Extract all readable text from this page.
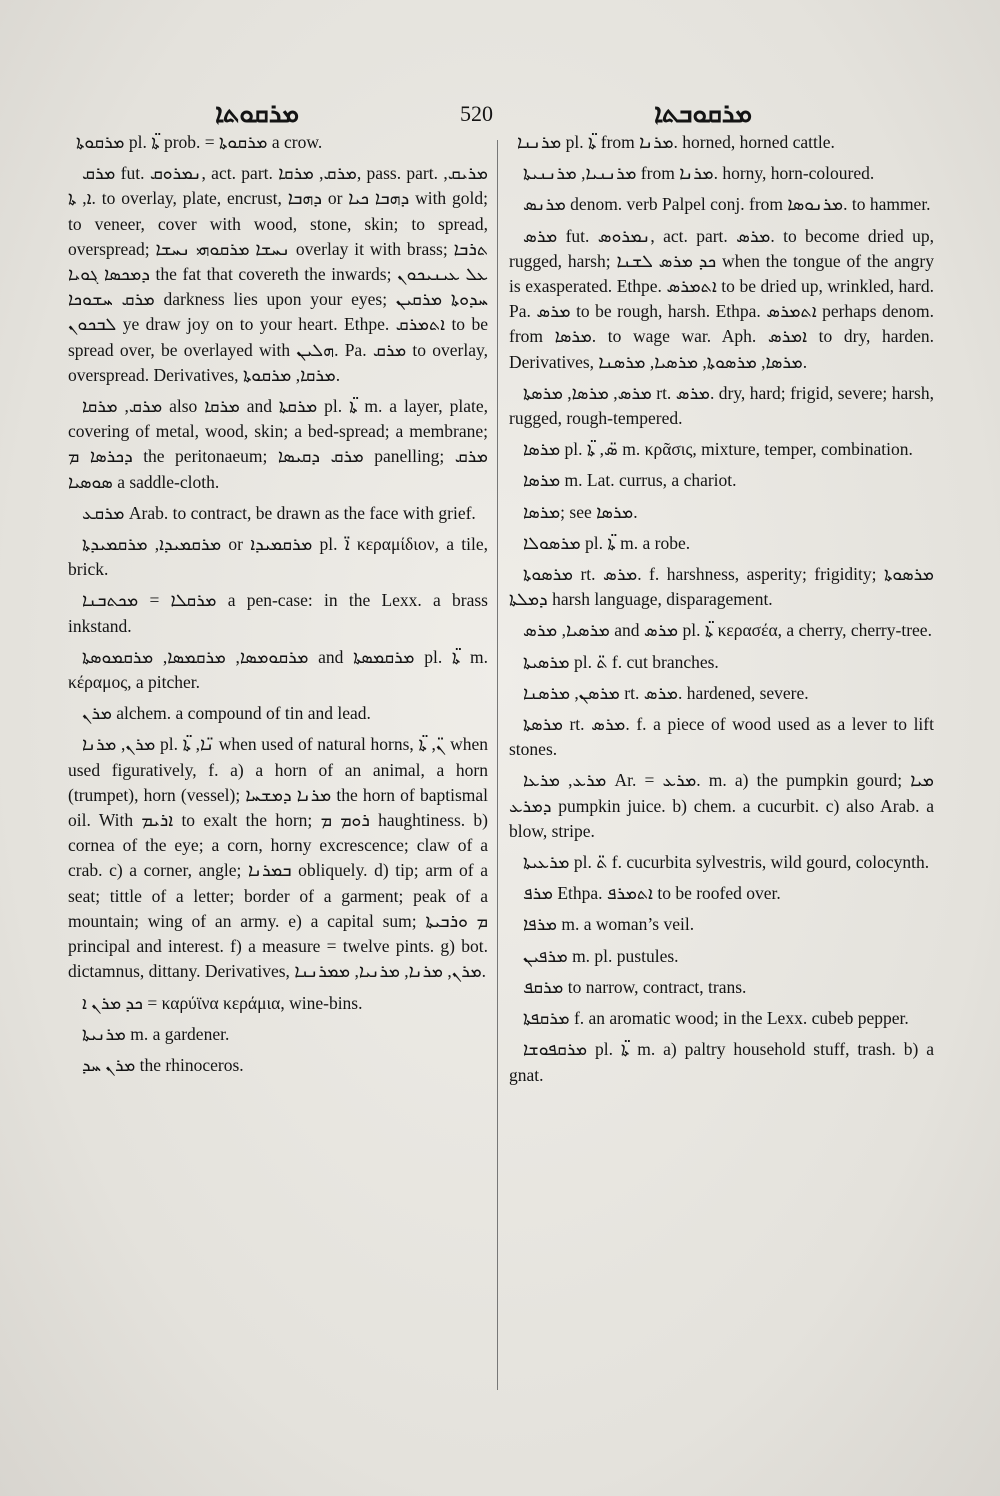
ܡܪܩܘܬܐ	520	ܡܪܩܘܒܬܐ

ܡܪܩܘܬܐ pl. ܬ̈ܐ prob. = ܡܪܩܘܬܐ a crow.

ܡܪܩ fut. ܢܡܪܘܩ, act. part. ܡܪܩ, ܡܪܩܐ, pass. part. ܡܪܝܩ, ܐ, ܬܐ. to overlay, plate, encrust, ܕܗܒܐ or ܕܗܒܐ ܟܝܐ with gold; to veneer, cover with wood, stone, skin; to spread, overspread; ܢܚܫܐ ܡܪܩܘܗܝ ܢܚܫܐ overlay it with brass; ܬܪܒܐ ܕܡܟܣܐ ܓܘܝܐ the fat that covereth the inwards; ܥܠ ܥܝܢܝܟܘܢ ܡܪܩ ܚܫܘܟܐ darkness lies upon your eyes; ܚܕܘܬܐ ܡܪܩܝܢ ܠܒܟܘܢ ye draw joy on to your heart. Ethpe. ܐܬܡܪܩ to be spread over, be overlayed with ܗܠܝܢ. Pa. ܡܪܩ to overlay, overspread. Derivatives, ܡܪܩܐ, ܡܪܩܘܬܐ.

ܡܪܩ, ܡܪܩܐ also ܡܪܩܐ and ܡܪܩܬܐ pl. ܬ̈ܐ m. a layer, plate, covering of metal, wood, skin; a bed-spread; a membrane; ܕܟܪܣܐ ܡ the peritonaeum; ܡܪܩ ܕܩܝܣܐ panelling; ܡܪܩ ܣܘܣܝܐ a saddle-cloth.

ܡܪܩܥ Arab. to contract, be drawn as the face with grief.

ܡܪܩܡܝܕܐ, ܡܪܩܡܝܕܬܐ or ܡܪܩܡܝܕܐ pl. ܐ̈ κεραμίδιον, a tile, brick.

ܡܪܩܠܐ = ܡܟܬܒܢܐ a pen-case: in the Lexx. a brass inkstand.

ܡܪܩܘܡܣܐ, ܡܪܩܡܣܐ, ܡܪܩܡܘܣܬܐ and ܡܪܩܡܣܬܐ pl. ܬ̈ܐ m. κέραμος, a pitcher.

ܡܪܢ alchem. a compound of tin and lead.

ܡܪܢ, ܡܪܢܐ pl. ܢ̈ܐ, ܬ̈ܐ when used of natural horns, ܢ̈, ܬ̈ܐ when used figuratively, f. a) a horn of an animal, a horn (trumpet), horn (vessel); ܡܪܢܐ ܕܡܫܚܐ the horn of baptismal oil. With ܐܪܝܡ to exalt the horn; ܪܘܡ ܡ haughtiness. b) cornea of the eye; a corn, horny excrescence; claw of a crab. c) a corner, angle; ܒܡܪܢܐ obliquely. d) tip; arm of a seat; tittle of a letter; border of a garment; peak of a mountain; wing of an army. e) a capital sum; ܡ ܘܪܒܝܬܐ principal and interest. f) a measure = twelve pints. g) bot. dictamnus, dittany. Derivatives, ܡܪܢ, ܡܪܢܐ, ܡܪܢܝܐ, ܡܡܪܢܢܐ.

ܟܕ ܡܪܢ ܐ = καρύϊνα κεράμια, wine-bins.

ܡܪܢܝܬܐ m. a gardener.

ܡܪܢ ܚܕ the rhinoceros.

ܡܪܢܢܐ pl. ܬ̈ܐ from ܡܪܢܐ. horned, horned cattle.

ܡܪܢܢܝܐ, ܡܪܢܢܝܬܐ from ܡܪܢܐ. horny, horn-coloured.

ܡܪܢܣ denom. verb Palpel conj. from ܡܪܢܘܣܐ. to hammer.

ܡܪܣ fut. ܢܡܪܘܣ, act. part. ܡܪܣ. to become dried up, rugged, harsh; ܟܕ ܡܪܣ ܠܫܢܐ when the tongue of the angry is exasperated. Ethpe. ܐܬܡܪܣ to be dried up, wrinkled, hard. Pa. ܡܪܣ to be rough, harsh. Ethpa. ܐܬܡܪܣ perhaps denom. from ܡܪܣܐ. to wage war. Aph. ܐܡܪܣ to dry, harden. Derivatives, ܡܪܣܐ, ܡܪܣܘܬܐ, ܡܪܣܝܐ, ܡܪܣܢܐ.

ܡܪܣ, ܡܪܣܐ, ܡܪܣܬܐ rt. ܡܪܣ. dry, hard; frigid, severe; harsh, rugged, rough-tempered.

ܡܪܣܐ pl. ܣ̈, ܬ̈ܐ m. κρᾶσις, mixture, temper, combination.

ܡܪܣܐ m. Lat. currus, a chariot.

ܡܪܣܐ; see ܡܪܣܐ.

ܡܪܣܘܠܐ pl. ܬ̈ܐ m. a robe.

ܡܪܣܘܬܐ rt. ܡܪܣ. f. harshness, asperity; frigidity; ܡܪܣܘܬܐ ܕܡܠܬܐ harsh language, disparagement.

ܡܪܣܝܐ, ܡܪܣ and ܡܪܣ pl. ܬ̈ܐ κερασέα, a cherry, cherry-tree.

ܡܪܣܝܬܐ pl. ܬ̈ f. cut branches.

ܡܪܣܢ, ܡܪܣܢܐ rt. ܡܪܣ. hardened, severe.

ܡܪܣܬܐ rt. ܡܪܣ. f. a piece of wood used as a lever to lift stones.

ܡܪܥ, ܡܪܥܐ Ar. = ܡܪܥ. m. a) the pumpkin gourd; ܡܝܐ ܕܡܪܥ pumpkin juice. b) chem. a cucurbit. c) also Arab. a blow, stripe.

ܡܪܥܝܬܐ pl. ܬ̈ f. cucurbita sylvestris, wild gourd, colocynth.

ܡܪܦ Ethpa. ܐܬܡܪܦ to be roofed over.

ܡܪܦܐ m. a woman’s veil.

ܡܪܦܝܢ m. pl. pustules.

ܡܪܩܦ to narrow, contract, trans.

ܡܪܩܦܬܐ f. an aromatic wood; in the Lexx. cubeb pepper.

ܡܪܩܦܘܫܐ pl. ܬ̈ܐ m. a) paltry household stuff, trash. b) a gnat.
